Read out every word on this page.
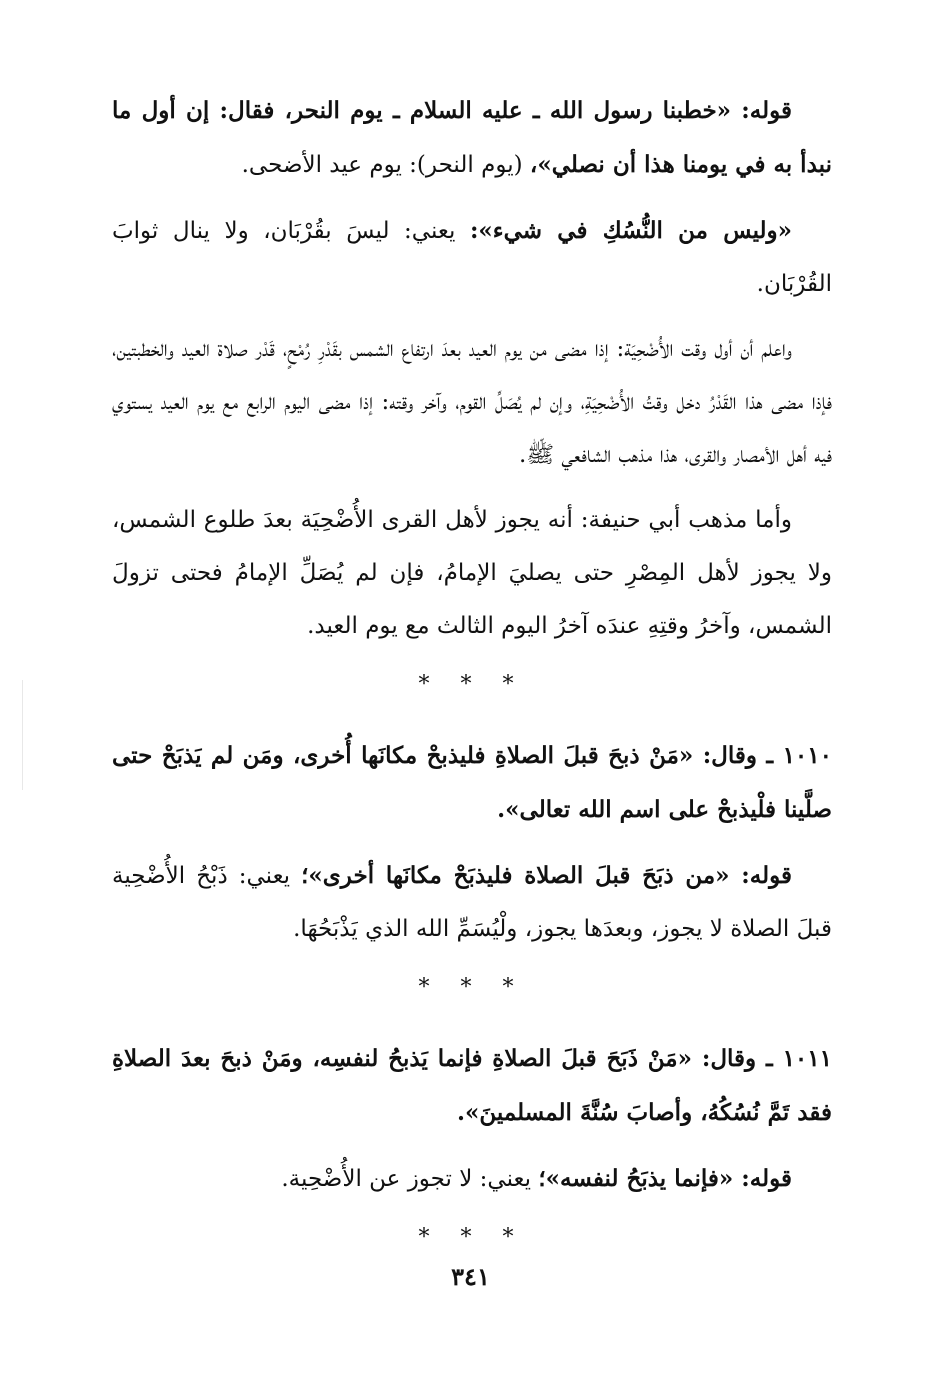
قوله: «خطبنا رسول الله ـ عليه السلام ـ يوم النحر، فقال: إن أول ما نبدأ به في يومنا هذا أن نصلي»، (يوم النحر): يوم عيد الأضحى.

«وليس من النُّسُكِ في شيء»: يعني: ليسَ بقُرْبَان، ولا ينال ثوابَ القُرْبَان.

واعلم أن أول وقت الأُضْحِيَة: إذا مضى من يوم العيد بعدَ ارتفاع الشمس بقَدْرِ رُمْحٍ، قَدْر صلاة العيد والخطبتين، فإذا مضى هذا القَدْرُ دخل وقتُ الأُضْحِيَةِ، وإن لم يُصَلِّ القوم، وآخر وقته: إذا مضى اليوم الرابع مع يوم العيد يستوي فيه أهل الأمصار والقرى، هذا مذهب الشافعي ﷺ.

وأما مذهب أبي حنيفة: أنه يجوز لأهل القرى الأُضْحِيَة بعدَ طلوع الشمس، ولا يجوز لأهل المِصْرِ حتى يصليَ الإمامُ، فإن لم يُصَلِّ الإمامُ فحتى تزولَ الشمس، وآخرُ وقتِهِ عندَه آخرُ اليوم الثالث مع يوم العيد.

* * *

١٠١٠ ـ وقال: «مَنْ ذبحَ قبلَ الصلاةِ فليذبحْ مكانَها أُخرى، ومَن لم يَذبَحْ حتى صلَّينا فلْيذبحْ على اسم الله تعالى».

قوله: «من ذبَحَ قبلَ الصلاة فليذبَحْ مكانَها أخرى»؛ يعني: ذَبْحُ الأُضْحِية قبلَ الصلاة لا يجوز، وبعدَها يجوز، ولْيُسَمِّ الله الذي يَذْبَحُهَا.

* * *

١٠١١ ـ وقال: «مَنْ ذَبَحَ قبلَ الصلاةِ فإنما يَذبحُ لنفسِه، ومَنْ ذبحَ بعدَ الصلاةِ فقد تَمَّ نُسُكُهُ، وأصابَ سُنَّةَ المسلمينَ».

قوله: «فإنما يذبَحُ لنفسه»؛ يعني: لا تجوز عن الأُضْحِية.

* * *
٣٤١
